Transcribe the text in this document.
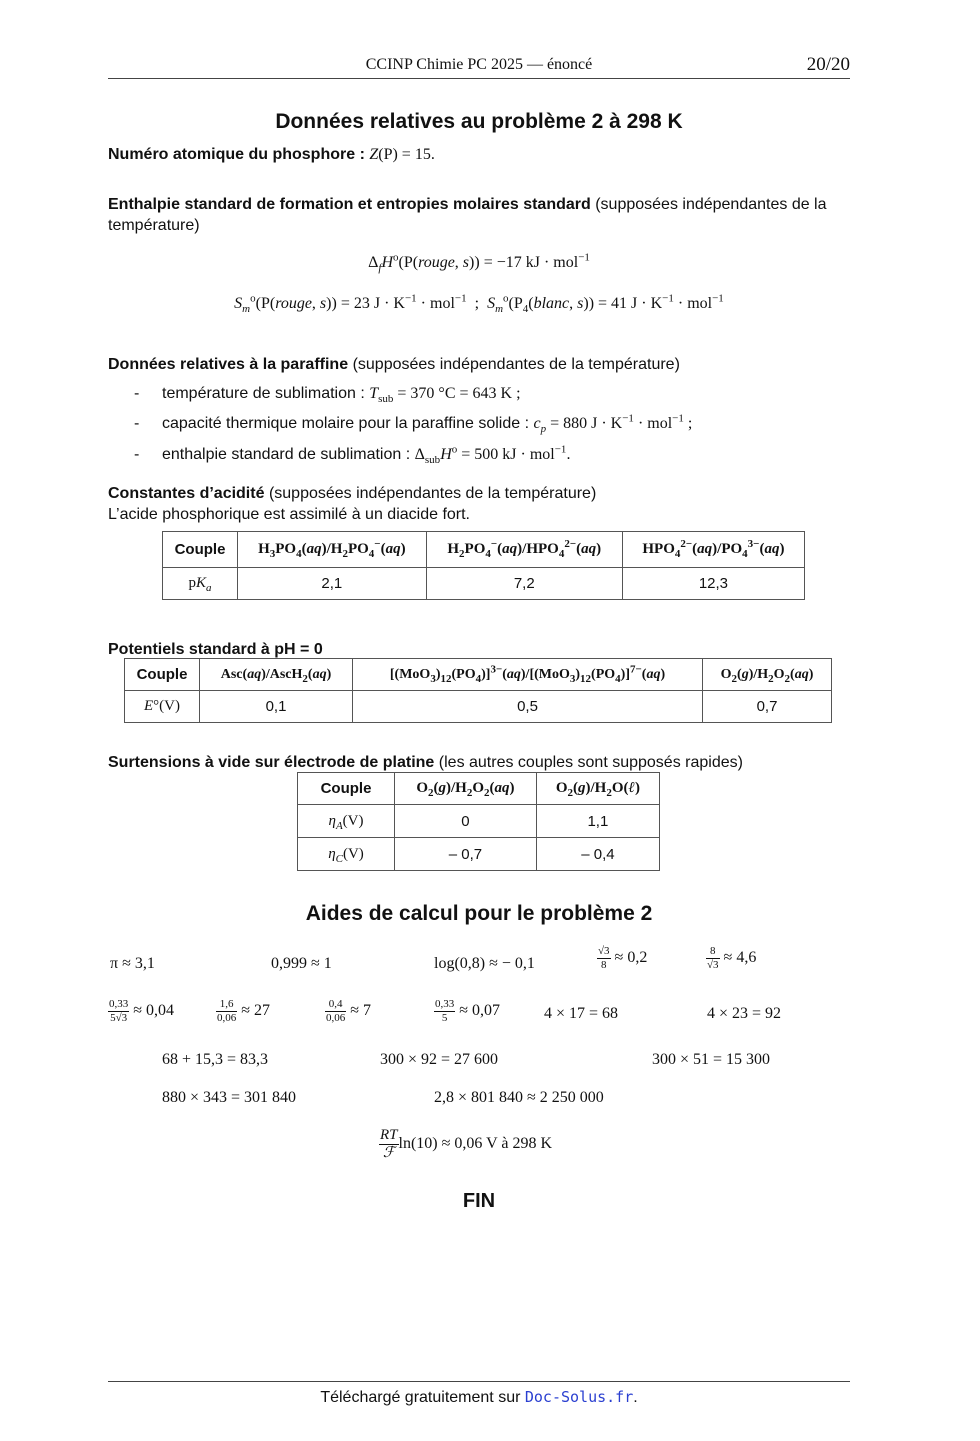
CCINP Chimie PC 2025 — énoncé	20/20
Données relatives au problème 2 à 298 K
Numéro atomique du phosphore : Z(P) = 15.
Enthalpie standard de formation et entropies molaires standard (supposées indépendantes de la température)
$\Delta_fH^o(P(rouge$, s)) = −17 kJ · mol$^{-1}$
$S_m^o(P(rouge$, s)) = 23 $J \cdot K^{-1} \cdot mol^{-1}$  ;  $S_m^o(P_4(blanc$, s)) = 41 $J \cdot K^{-1} \cdot mol^{-1}$
Données relatives à la paraffine (supposées indépendantes de la température)
- température de sublimation : $T_{sub} = 370$ °C = 643 K ;
- capacité thermique molaire pour la paraffine solide : $c_p = 880$ $J \cdot K^{-1} \cdot mol^{-1}$ ;
- enthalpie standard de sublimation : $\Delta_{sub}H^o = 500$ kJ · mol$^{-1}$.
Constantes d’acidité (supposées indépendantes de la température)
L’acide phosphorique est assimilé à un diacide fort.
Couple	$H_3PO_4(aq)/H_2PO_4^-(aq)$	$H_2PO_4^-(aq)/HPO_4^{2-}(aq)$	$HPO_4^{2-}(aq)/PO_4^{3-}(aq)$
$pK_a$	2,1	7,2	12,3
Potentiels standard à pH = 0
Couple	Asc(aq)/AscH$_2$(aq)	$[(MoO_3)_{12}(PO_4)]^{3-}(aq)/[(MoO_3)_{12}(PO_4)]^{7-}(aq)$	$O_2(g)/H_2O_2(aq)$
E°(V)	0,1	0,5	0,7
Surtensions à vide sur électrode de platine (les autres couples sont supposés rapides)
Couple	$O_2(g)/H_2O_2(aq)$	$O_2(g)/H_2O(\ell)$
$\eta_A(V)$	0	1,1
$\eta_C(V)$	– 0,7	– 0,4
Aides de calcul pour le problème 2
π ≈ 3,1	0,999 ≈ 1	log(0,8) ≈ − 0,1	$\frac{√3}{8} \approx 0,2$	$\frac{8}{√3} \approx 4,6$
$\frac{0,33}{5√3} \approx 0,04$	$\frac{1,6}{0,06} \approx 27$	$\frac{0,4}{0,06} \approx 7$	$\frac{0,33}{5} \approx 0,07$	4 × 17 = 68	4 × 23 = 92
68 + 15,3 = 83,3	300 × 92 = 27 600	300 × 51 = 15 300
880 × 343 = 301 840	2,8 × 801 840 ≈ 2 250 000
$\frac{RT}{\text{ℱ}} \ln(10) \approx 0,06$ V à 298 K
FIN
Téléchargé gratuitement sur Doc-Solus.fr.
